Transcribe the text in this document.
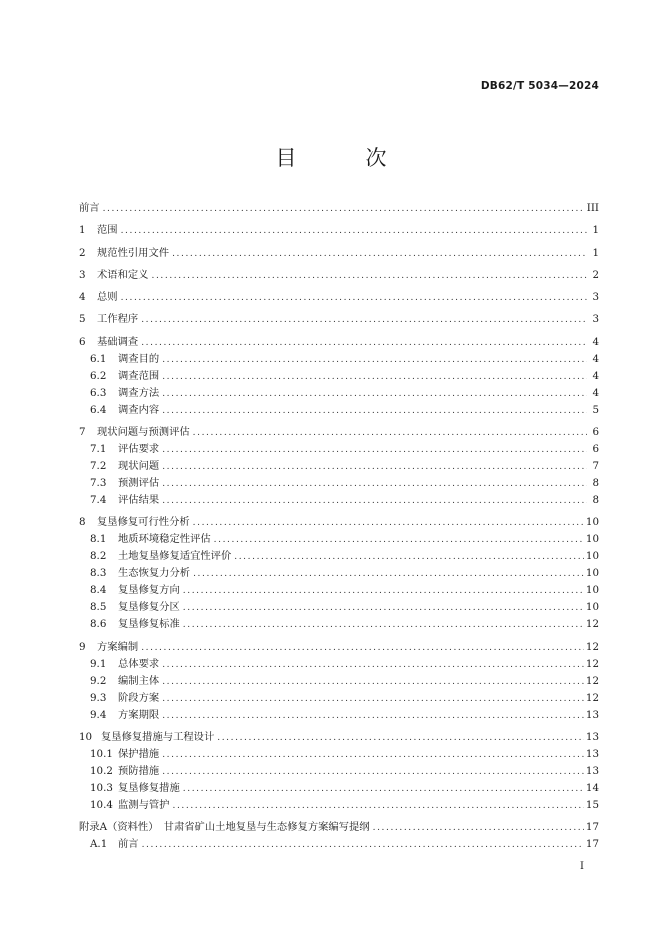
DB62/T 5034—2024
目　次
前言 .....	III
1	范围 .....	1
2	规范性引用文件 .....	1
3	术语和定义 .....	2
4	总则 .....	3
5	工作程序 .....	3
6	基础调查 .....	4
6.1	调查目的 .....	4
6.2	调查范围 .....	4
6.3	调查方法 .....	4
6.4	调查内容 .....	5
7	现状问题与预测评估 .....	6
7.1	评估要求 .....	6
7.2	现状问题 .....	7
7.3	预测评估 .....	8
7.4	评估结果 .....	8
8	复垦修复可行性分析 .....	10
8.1	地质环境稳定性评估 .....	10
8.2	土地复垦修复适宜性评价 .....	10
8.3	生态恢复力分析 .....	10
8.4	复垦修复方向 .....	10
8.5	复垦修复分区 .....	10
8.6	复垦修复标准 .....	12
9	方案编制 .....	12
9.1	总体要求 .....	12
9.2	编制主体 .....	12
9.3	阶段方案 .....	12
9.4	方案期限 .....	13
10 复垦修复措施与工程设计 .....	13
10.1 保护措施 .....	13
10.2 预防措施 .....	13
10.3 复垦修复措施 .....	14
10.4 监测与管护 .....	15
附录A（资料性）　甘肃省矿山土地复垦与生态修复方案编写提纲 .....	17
A.1	前言 .....	17
I
